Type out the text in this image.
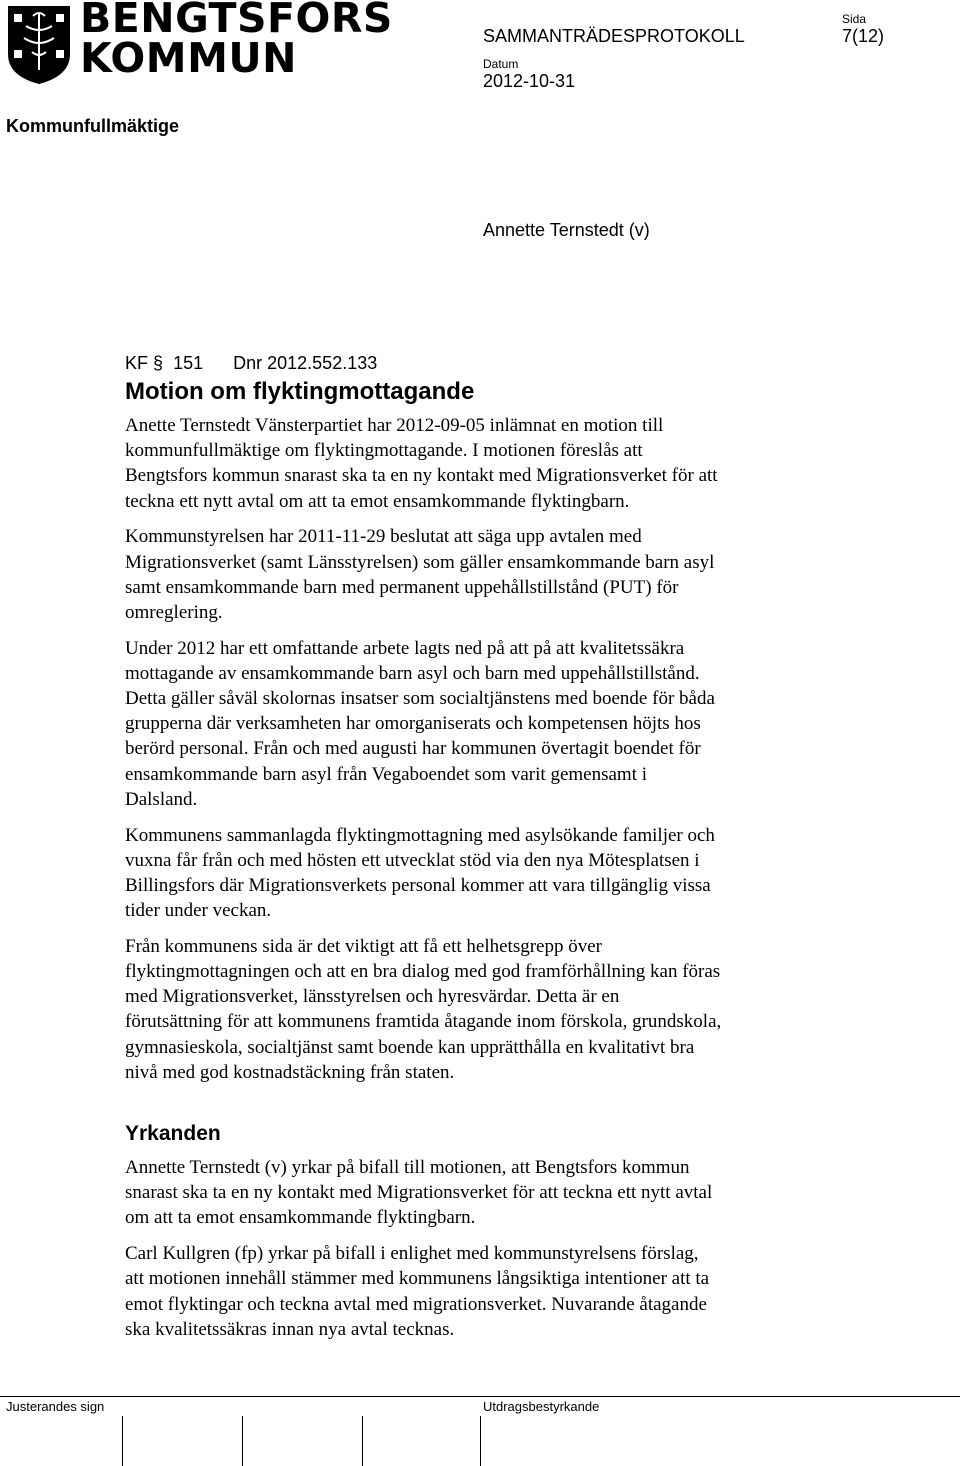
BENGTSFORS
KOMMUN	SAMMANTRÄDESPROTOKOLL
Sida
7(12)
Datum
2012-10-31
Kommunfullmäktige
Annette Ternstedt (v)
KF § 151 Dnr 2012.552.133
Motion om flyktingmottagande

Anette Ternstedt Vänsterpartiet har 2012-09-05 inlämnat en motion till
kommunfullmäktige om flyktingmottagande. I motionen föreslås att
Bengtsfors kommun snarast ska ta en ny kontakt med Migrationsverket för att
teckna ett nytt avtal om att ta emot ensamkommande flyktingbarn.

Kommunstyrelsen har 2011-11-29 beslutat att säga upp avtalen med
Migrationsverket (samt Länsstyrelsen) som gäller ensamkommande barn asyl
samt ensamkommande barn med permanent uppehållstillstånd (PUT) för
omreglering.

Under 2012 har ett omfattande arbete lagts ned på att på att kvalitetssäkra
mottagande av ensamkommande barn asyl och barn med uppehållstillstånd.
Detta gäller såväl skolornas insatser som socialtjänstens med boende för båda
grupperna där verksamheten har omorganiserats och kompetensen höjts hos
berörd personal. Från och med augusti har kommunen övertagit boendet för
ensamkommande barn asyl från Vegaboendet som varit gemensamt i
Dalsland.

Kommunens sammanlagda flyktingmottagning med asylsökande familjer och
vuxna får från och med hösten ett utvecklat stöd via den nya Mötesplatsen i
Billingsfors där Migrationsverkets personal kommer att vara tillgänglig vissa
tider under veckan.

Från kommunens sida är det viktigt att få ett helhetsgrepp över
flyktingmottagningen och att en bra dialog med god framförhållning kan föras
med Migrationsverket, länsstyrelsen och hyresvärdar. Detta är en
förutsättning för att kommunens framtida åtagande inom förskola, grundskola,
gymnasieskola, socialtjänst samt boende kan upprätthålla en kvalitativt bra
nivå med god kostnadstäckning från staten.

Yrkanden

Annette Ternstedt (v) yrkar på bifall till motionen, att Bengtsfors kommun
snarast ska ta en ny kontakt med Migrationsverket för att teckna ett nytt avtal
om att ta emot ensamkommande flyktingbarn.

Carl Kullgren (fp) yrkar på bifall i enlighet med kommunstyrelsens förslag,
att motionen innehåll stämmer med kommunens långsiktiga intentioner att ta
emot flyktingar och teckna avtal med migrationsverket. Nuvarande åtagande
ska kvalitetssäkras innan nya avtal tecknas.

Justerandes sign	Utdragsbestyrkande
